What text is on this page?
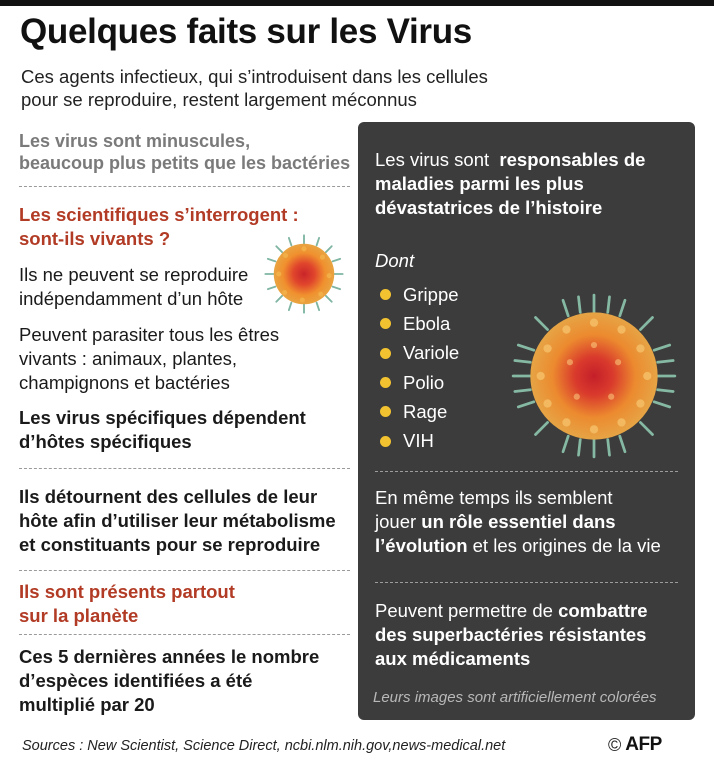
Quelques faits sur les Virus
Ces agents infectieux, qui s’introduisent dans les cellules
pour se reproduire, restent largement méconnus
Les virus sont minuscules,
beaucoup plus petits que les bactéries
Les scientifiques s’interrogent :
sont-ils vivants ?
Ils ne peuvent se reproduire
indépendamment d’un hôte
Peuvent parasiter tous les êtres
vivants : animaux, plantes,
champignons et bactéries
Les virus spécifiques dépendent
d’hôtes spécifiques
Ils détournent des cellules de leur
hôte afin d’utiliser leur métabolisme
et constituants pour se reproduire
Ils sont présents partout
sur la planète
Ces 5 dernières années le nombre
d’espèces identifiées a été
multiplié par 20
Les virus sont responsables de
maladies parmi les plus
dévastatrices de l’histoire
Dont
Grippe
Ebola
Variole
Polio
Rage
VIH
En même temps ils semblent
jouer un rôle essentiel dans
l’évolution et les origines de la vie
Peuvent permettre de combattre
des superbactéries résistantes
aux médicaments
Leurs images sont artificiellement colorées
Sources : New Scientist, Science Direct, ncbi.nlm.nih.gov,news-medical.net	© AFP
